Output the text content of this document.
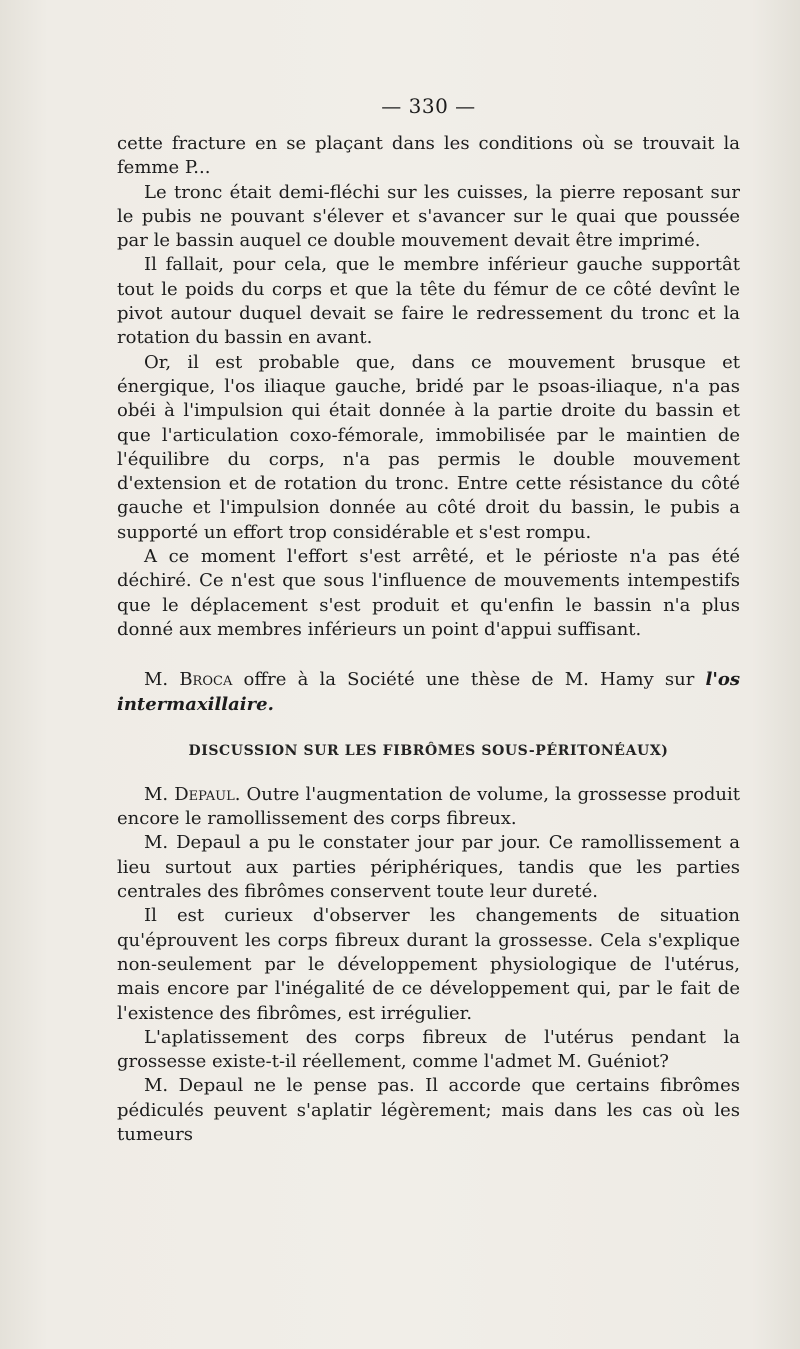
— 330 —

cette fracture en se plaçant dans les conditions où se trouvait la femme P...

Le tronc était demi-fléchi sur les cuisses, la pierre reposant sur le pubis ne pouvant s'élever et s'avancer sur le quai que poussée par le bassin auquel ce double mouvement devait être imprimé.

Il fallait, pour cela, que le membre inférieur gauche supportât tout le poids du corps et que la tête du fémur de ce côté devînt le pivot autour duquel devait se faire le redressement du tronc et la rotation du bassin en avant.

Or, il est probable que, dans ce mouvement brusque et énergique, l'os iliaque gauche, bridé par le psoas-iliaque, n'a pas obéi à l'impulsion qui était donnée à la partie droite du bassin et que l'articulation coxo-fémorale, immobilisée par le maintien de l'équilibre du corps, n'a pas permis le double mouvement d'extension et de rotation du tronc. Entre cette résistance du côté gauche et l'impulsion donnée au côté droit du bassin, le pubis a supporté un effort trop considérable et s'est rompu.

A ce moment l'effort s'est arrêté, et le périoste n'a pas été déchiré. Ce n'est que sous l'influence de mouvements intempestifs que le déplacement s'est produit et qu'enfin le bassin n'a plus donné aux membres inférieurs un point d'appui suffisant.

M. Broca offre à la Société une thèse de M. Hamy sur l'os intermaxillaire.

DISCUSSION SUR LES FIBRÔMES SOUS-PÉRITONÉAUX)

M. Depaul. Outre l'augmentation de volume, la grossesse produit encore le ramollissement des corps fibreux.

M. Depaul a pu le constater jour par jour. Ce ramollissement a lieu surtout aux parties périphériques, tandis que les parties centrales des fibrômes conservent toute leur dureté.

Il est curieux d'observer les changements de situation qu'éprouvent les corps fibreux durant la grossesse. Cela s'explique non-seulement par le développement physiologique de l'utérus, mais encore par l'inégalité de ce développement qui, par le fait de l'existence des fibrômes, est irrégulier.

L'aplatissement des corps fibreux de l'utérus pendant la grossesse existe-t-il réellement, comme l'admet M. Guéniot?

M. Depaul ne le pense pas. Il accorde que certains fibrômes pédiculés peuvent s'aplatir légèrement; mais dans les cas où les tumeurs
